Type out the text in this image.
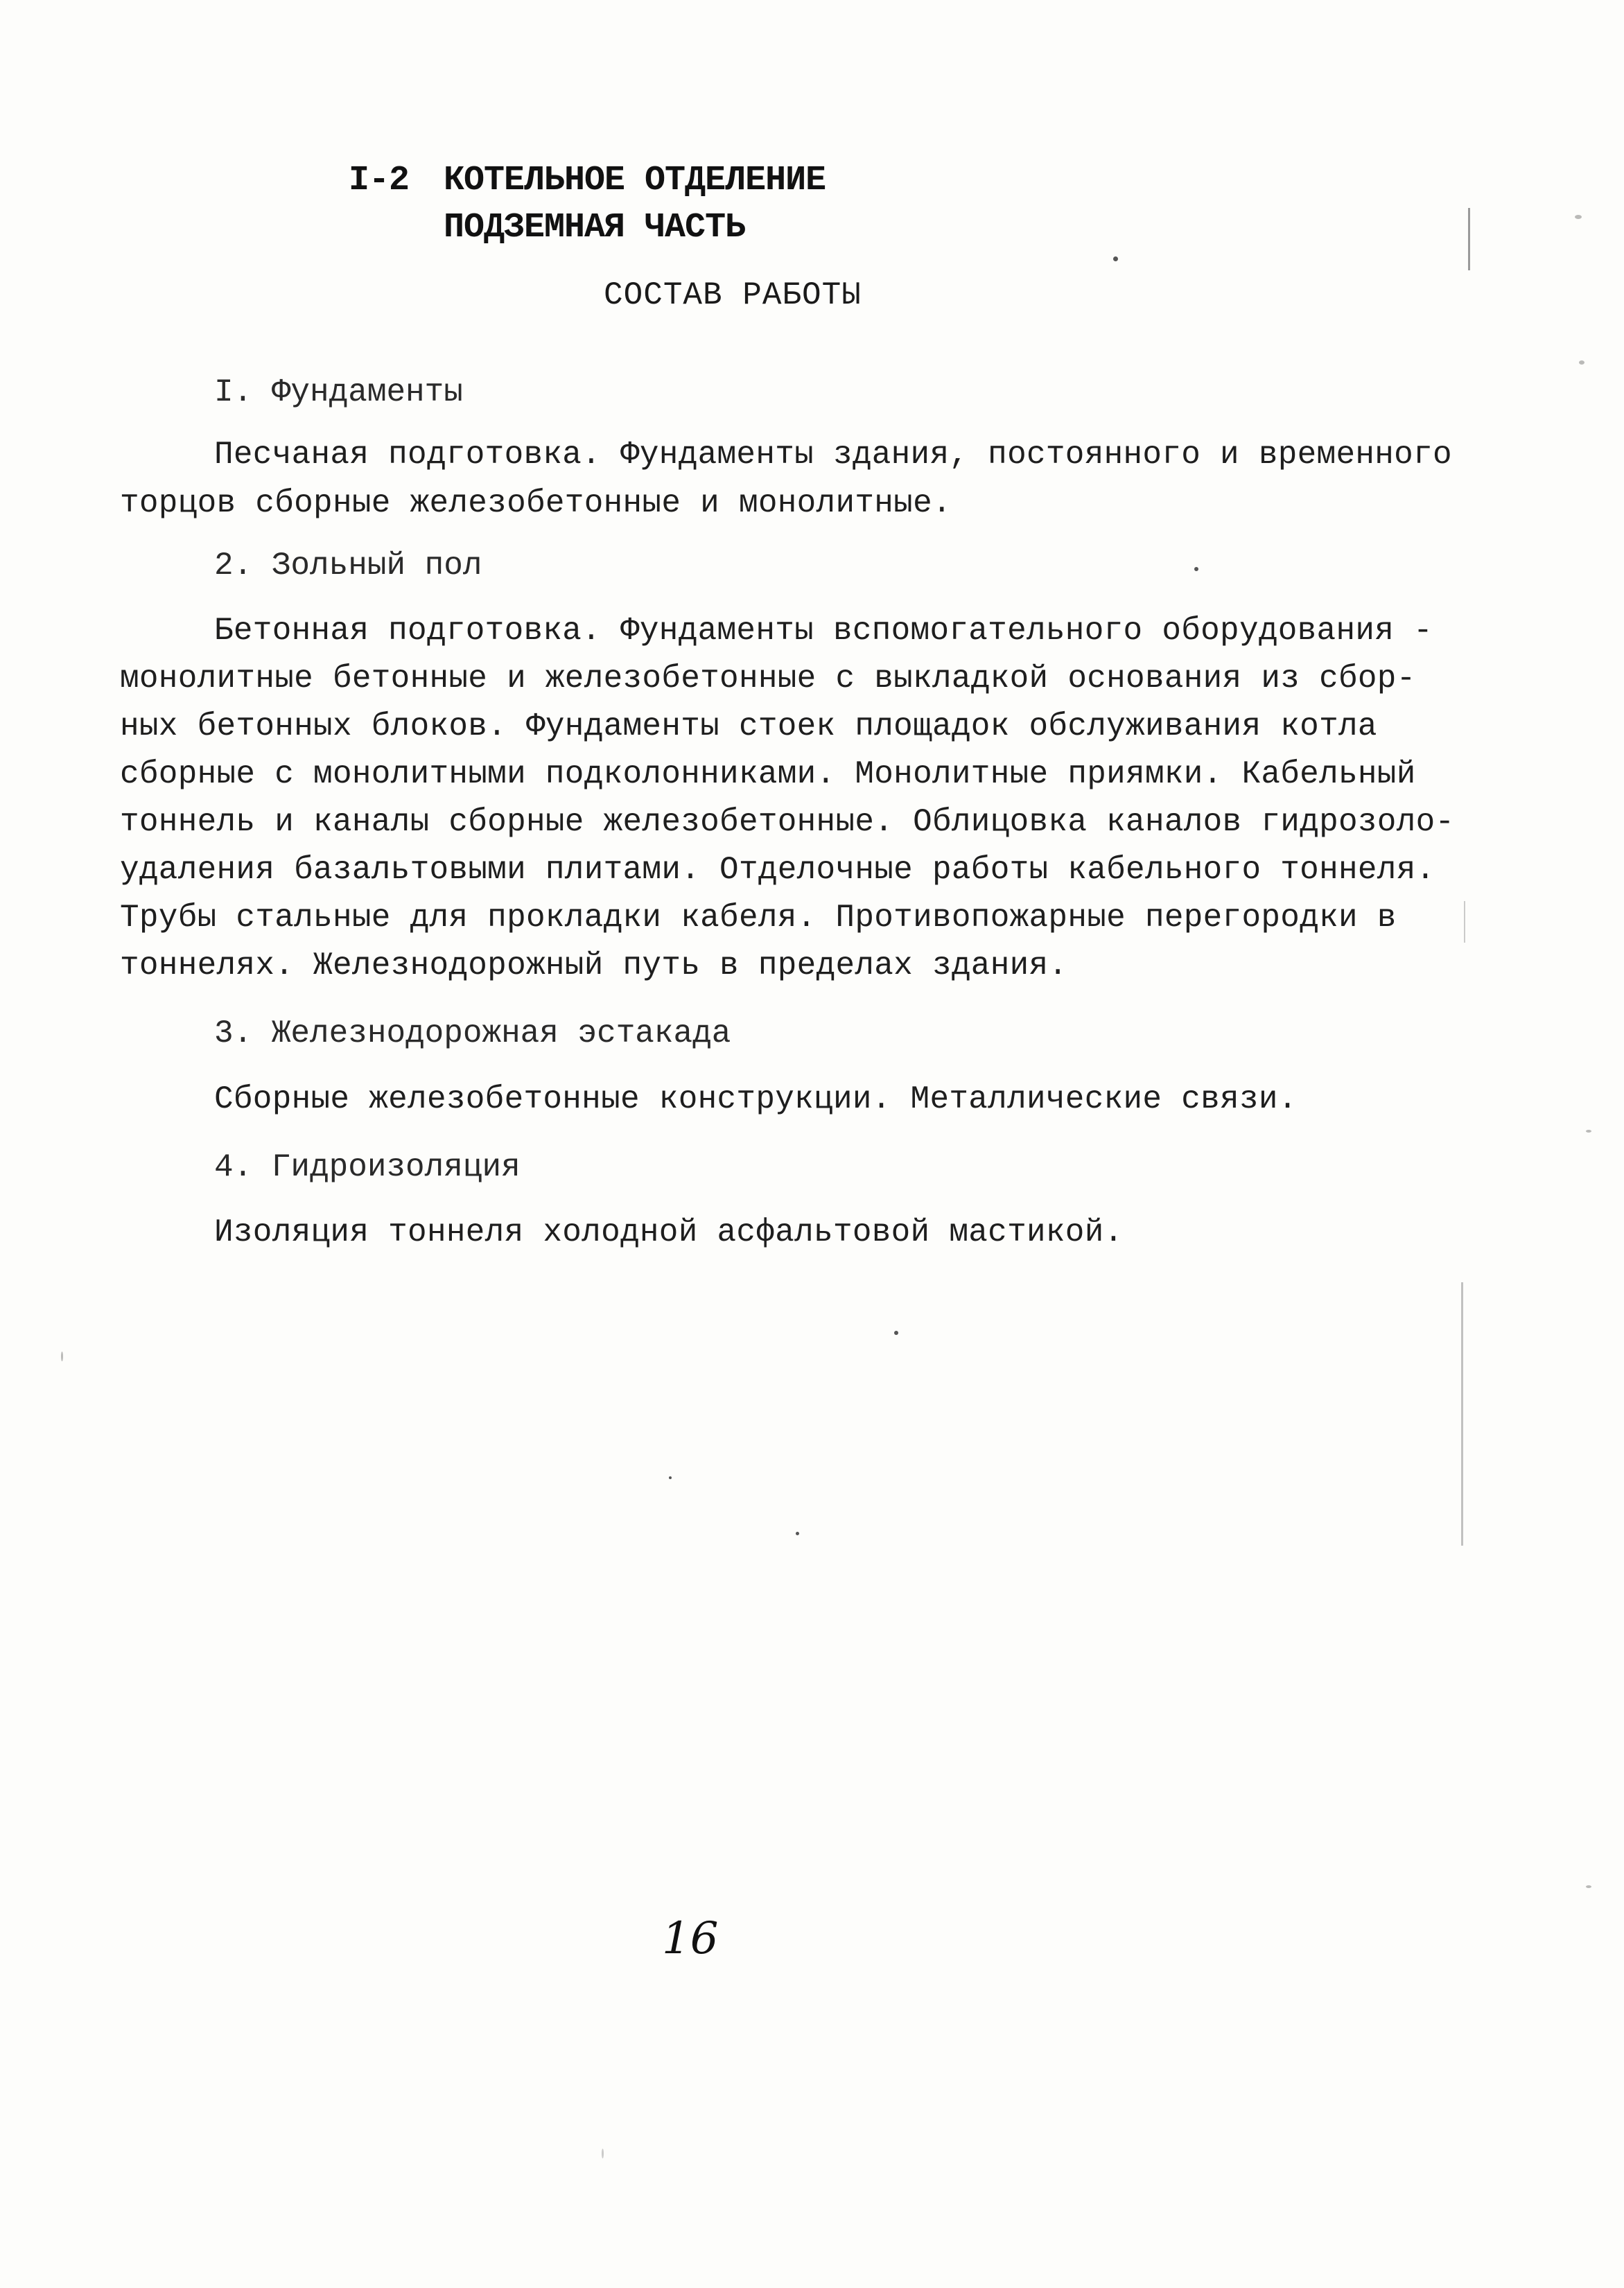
I-2 КОТЕЛЬНОЕ ОТДЕЛЕНИЕ
ПОДЗЕМНАЯ ЧАСТЬ
СОСТАВ РАБОТЫ
I. Фундаменты
Песчаная подготовка. Фундаменты здания, постоянного и временного
торцов сборные железобетонные и монолитные.
2. Зольный пол
Бетонная подготовка. Фундаменты вспомогательного оборудования -
монолитные бетонные и железобетонные с выкладкой основания из сбор-
ных бетонных блоков. Фундаменты стоек площадок обслуживания котла
сборные с монолитными подколонниками. Монолитные приямки. Кабельный
тоннель и каналы сборные железобетонные. Облицовка каналов гидрозоло-
удаления базальтовыми плитами. Отделочные работы кабельного тоннеля.
Трубы стальные для прокладки кабеля. Противопожарные перегородки в
тоннелях. Железнодорожный путь в пределах здания.
3. Железнодорожная эстакада
Сборные железобетонные конструкции. Металлические связи.
4. Гидроизоляция
Изоляция тоннеля холодной асфальтовой мастикой.
16
